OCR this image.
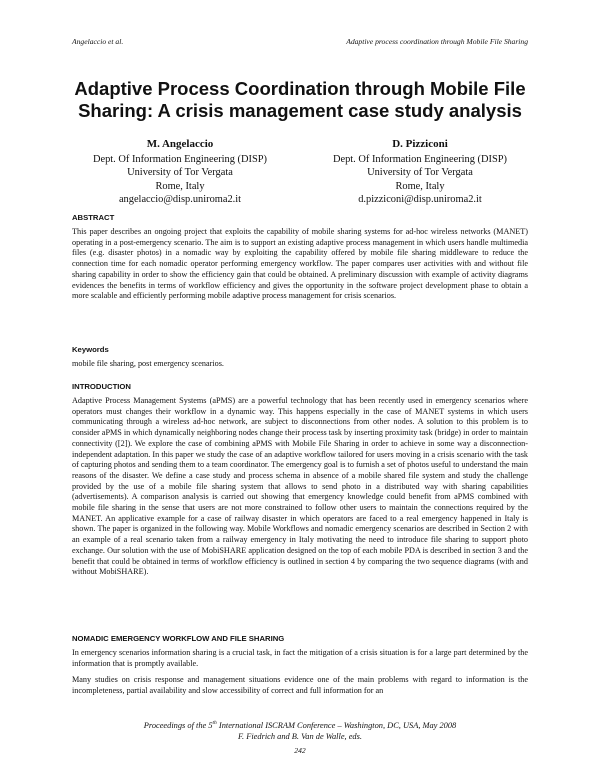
Angelaccio et al.	Adaptive process coordination through Mobile File Sharing
Adaptive Process Coordination through Mobile File
Sharing: A crisis management case study analysis
M. Angelaccio
Dept. Of Information Engineering (DISP)
University of Tor Vergata
Rome, Italy
angelaccio@disp.uniroma2.it
D. Pizziconi
Dept. Of Information Engineering (DISP)
University of Tor Vergata
Rome, Italy
d.pizziconi@disp.uniroma2.it
ABSTRACT
This paper describes an ongoing project that exploits the capability of mobile sharing systems for ad-hoc wireless networks (MANET) operating in a post-emergency scenario. The aim is to support an existing adaptive process management in which users handle multimedia files (e.g. disaster photos) in a nomadic way by exploiting the capability offered by mobile file sharing middleware to reduce the connection time for each nomadic operator performing emergency workflow. The paper compares user activities with and without file sharing capability in order to show the efficiency gain that could be obtained. A preliminary discussion with example of activity diagrams evidences the benefits in terms of workflow efficiency and gives the opportunity in the software project development phase to obtain a more scalable and efficiently performing mobile adaptive process management for crisis scenarios.
Keywords
mobile file sharing, post emergency scenarios.
INTRODUCTION
Adaptive Process Management Systems (aPMS) are a powerful technology that has been recently used in emergency scenarios where operators must changes their workflow in a dynamic way. This happens especially in the case of MANET systems in which users communicating through a wireless ad-hoc network, are subject to disconnections from other nodes. A solution to this problem is to consider aPMS in which dynamically neighboring nodes change their process task by inserting proximity task (bridge) in order to maintain connectivity ([2]). We explore the case of combining aPMS with Mobile File Sharing in order to achieve in some way a disconnection-independent adaptation. In this paper we study the case of an adaptive workflow tailored for users moving in a crisis scenario with the task of capturing photos and sending them to a team coordinator. The emergency goal is to furnish a set of photos useful to understand the main reasons of the disaster. We define a case study and process schema in absence of a mobile shared file system and study the challenge provided by the use of a mobile file sharing system that allows to send photo in a distributed way with sharing capabilities (advertisements). A comparison analysis is carried out showing that emergency knowledge could benefit from aPMS combined with mobile file sharing in the sense that users are not more constrained to follow other users to maintain the connections required by the MANET. An applicative example for a case of railway disaster in which operators are faced to a real emergency happened in Italy is shown. The paper is organized in the following way. Mobile Workflows and nomadic emergency scenarios are described in Section 2 with an example of a real scenario taken from a railway emergency in Italy motivating the need to introduce file sharing to support photo exchange. Our solution with the use of MobiSHARE application designed on the top of each mobile PDA is described in section 3 and the benefit that could be obtained in terms of workflow efficiency is outlined in section 4 by comparing the two sequence diagrams (with and without MobiSHARE).
NOMADIC EMERGENCY WORKFLOW AND FILE SHARING
In emergency scenarios information sharing is a crucial task, in fact the mitigation of a crisis situation is for a large part determined by the information that is promptly available.
Many studies on crisis response and management situations evidence one of the main problems with regard to information is the incompleteness, partial availability and slow accessibility of correct and full information for an
Proceedings of the 5th International ISCRAM Conference – Washington, DC, USA, May 2008
F. Fiedrich and B. Van de Walle, eds.
242
